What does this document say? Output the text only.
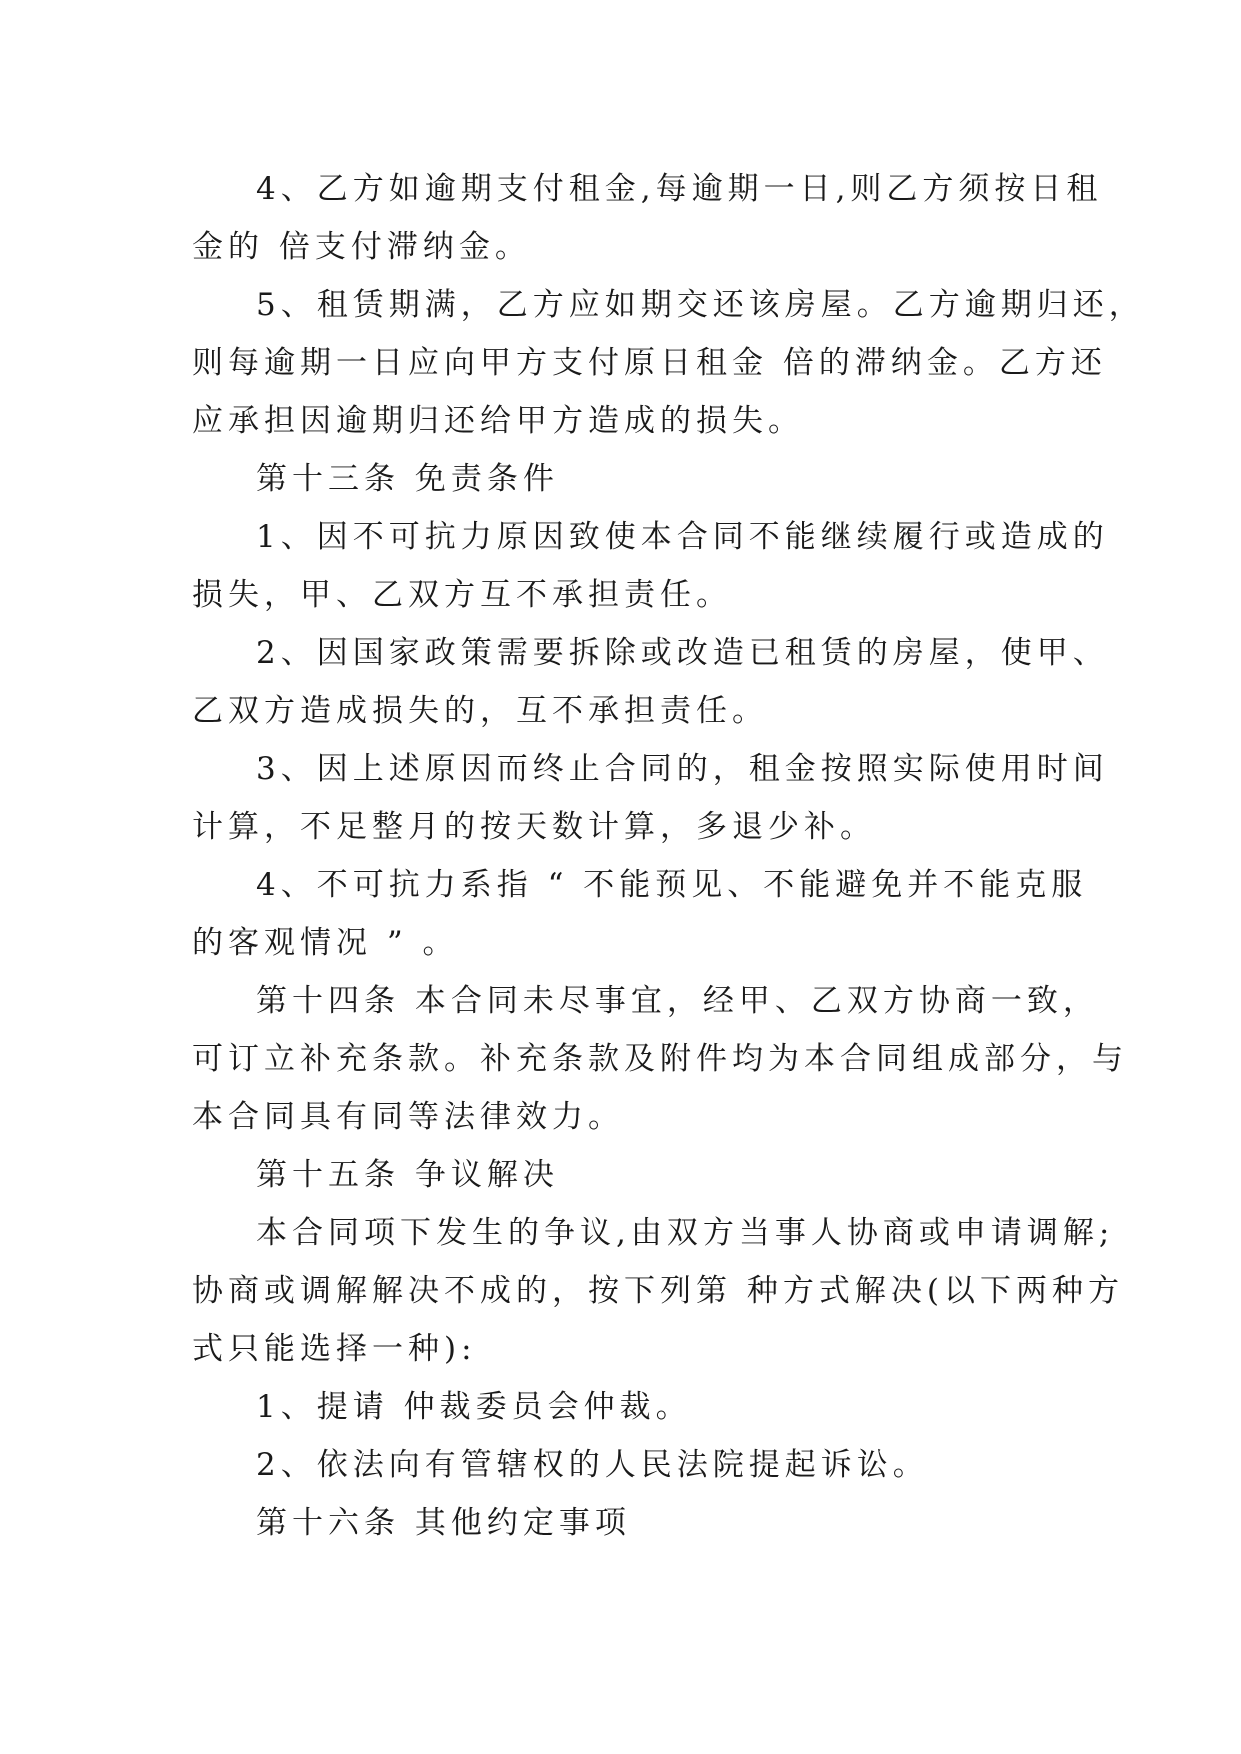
4、乙方如逾期支付租金,每逾期一日,则乙方须按日租

金的 倍支付滞纳金。

5、租赁期满，乙方应如期交还该房屋。乙方逾期归还，

则每逾期一日应向甲方支付原日租金 倍的滞纳金。乙方还

应承担因逾期归还给甲方造成的损失。

第十三条 免责条件

1、因不可抗力原因致使本合同不能继续履行或造成的

损失，甲、乙双方互不承担责任。

2、因国家政策需要拆除或改造已租赁的房屋，使甲、

乙双方造成损失的，互不承担责任。

3、因上述原因而终止合同的，租金按照实际使用时间

计算，不足整月的按天数计算，多退少补。

4、不可抗力系指 “ 不能预见、不能避免并不能克服

的客观情况 ” 。

第十四条 本合同未尽事宜，经甲、乙双方协商一致，

可订立补充条款。补充条款及附件均为本合同组成部分，与

本合同具有同等法律效力。

第十五条 争议解决

本合同项下发生的争议,由双方当事人协商或申请调解;

协商或调解解决不成的，按下列第 种方式解决(以下两种方

式只能选择一种):

1、提请 仲裁委员会仲裁。

2、依法向有管辖权的人民法院提起诉讼。

第十六条 其他约定事项
